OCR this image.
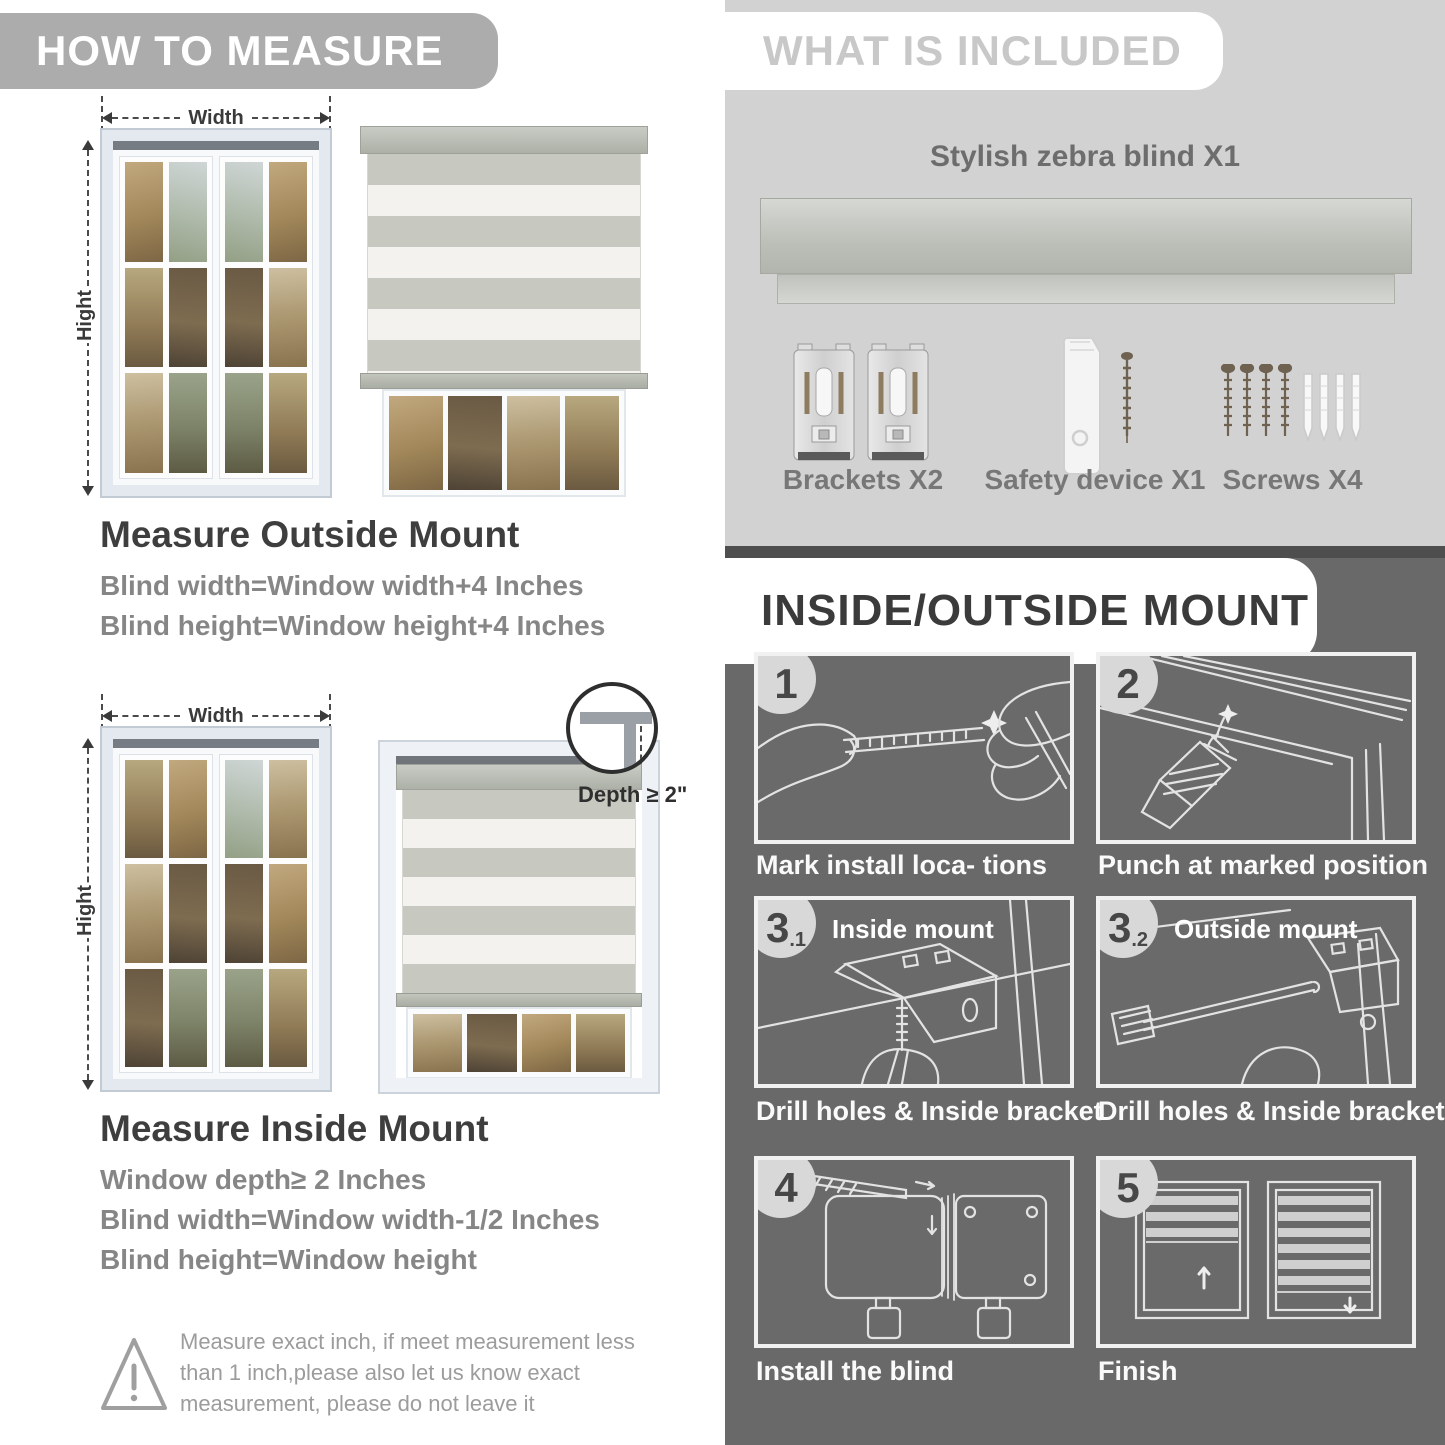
HOW TO MEASURE
Width
Hight
Measure Outside Mount
Blind width=Window width+4 Inches
Blind height=Window height+4 Inches
Width
Hight
Depth ≥ 2"
Measure Inside Mount
Window depth≥ 2 Inches
Blind width=Window width-1/2 Inches
Blind height=Window height
Measure exact inch, if meet measurement less
than 1 inch,please also let us know exact
measurement, please do not leave it
WHAT IS INCLUDED
Stylish zebra blind X1
Brackets X2	Safety device X1 Screws X4
INSIDE/OUTSIDE MOUNT
1
Mark install loca- tions
2
Punch at marked position
3 .1 Inside mount
Drill holes & Inside bracket
3 .2 Outside mount
Drill holes & Inside bracket
4
Install the blind
5
Finish
